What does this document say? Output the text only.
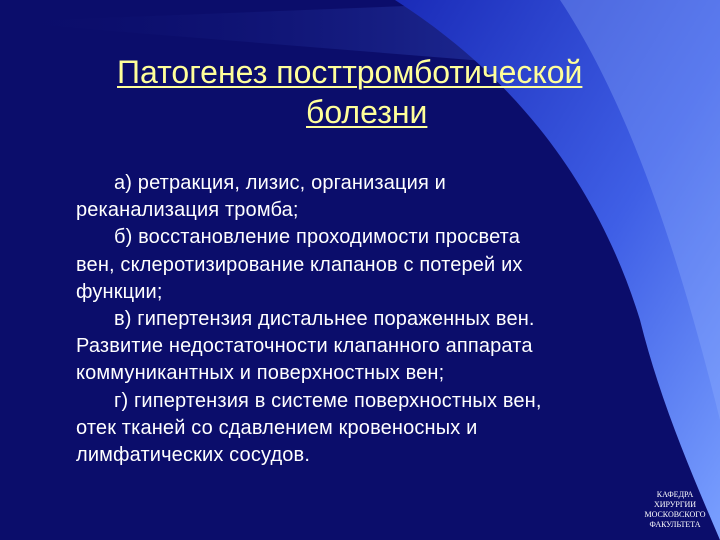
Патогенез посттромботической
болезни
а) ретракция, лизис, организация и
реканализация тромба;
б) восстановление проходимости просвета
вен, склеротизирование клапанов с потерей их
функции;
в) гипертензия дистальнее пораженных вен.
Развитие недостаточности клапанного аппарата
коммуникантных и поверхностных вен;
г) гипертензия в системе поверхностных вен,
отек тканей со сдавлением кровеносных и
лимфатических сосудов.
КАФЕДРА
ХИРУРГИИ
МОСКОВСКОГО
ФАКУЛЬТЕТА
